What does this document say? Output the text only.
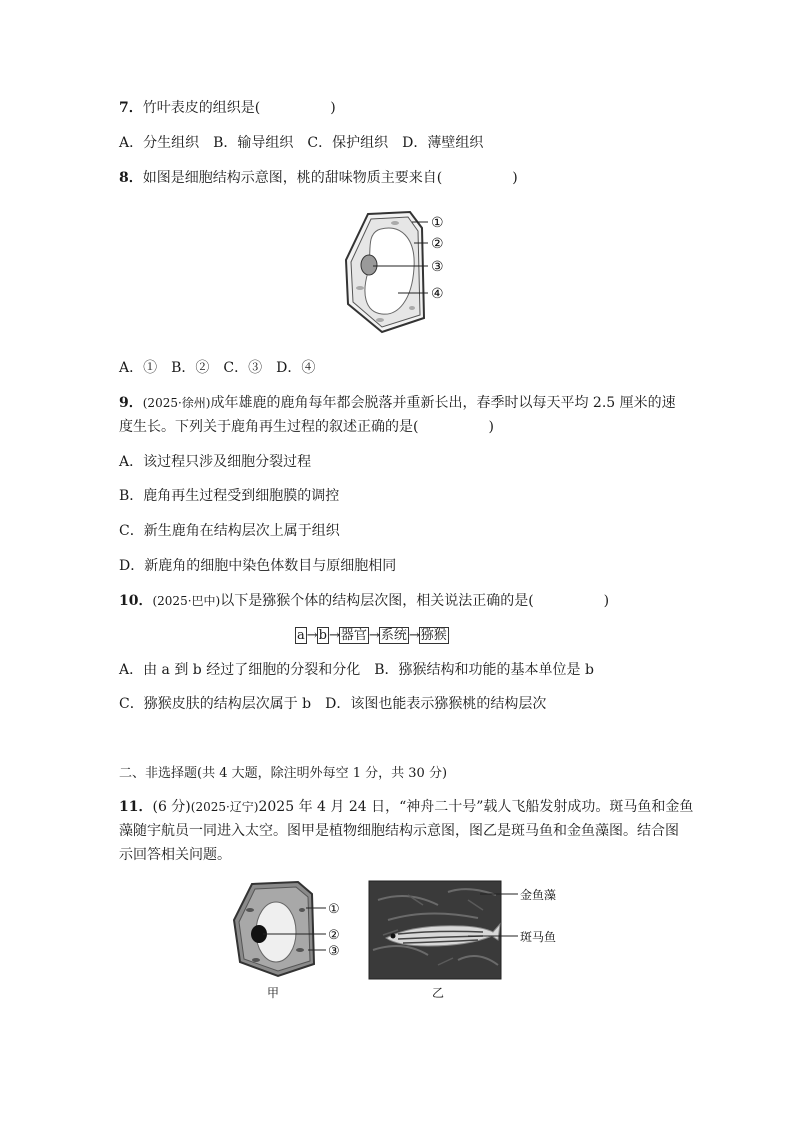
7．竹叶表皮的组织是(　　　　　)
A．分生组织　B．输导组织　C．保护组织　D．薄壁组织
8．如图是细胞结构示意图，桃的甜味物质主要来自(　　　　　)
①
②
③
④
A．①　B．②　C．③　D．④
9．(2025·徐州)成年雄鹿的鹿角每年都会脱落并重新长出，春季时以每天平均 2.5 厘米的速
度生长。下列关于鹿角再生过程的叙述正确的是(　　　　　)
A．该过程只涉及细胞分裂过程
B．鹿角再生过程受到细胞膜的调控
C．新生鹿角在结构层次上属于组织
D．新鹿角的细胞中染色体数目与原细胞相同
10．(2025·巴中)以下是猕猴个体的结构层次图，相关说法正确的是(　　　　　)
a → b → 器官 → 系统 → 猕猴
A．由 a 到 b 经过了细胞的分裂和分化　B．猕猴结构和功能的基本单位是 b
C．猕猴皮肤的结构层次属于 b　D．该图也能表示猕猴桃的结构层次
二、非选择题(共 4 大题，除注明外每空 1 分，共 30 分)
11．(6 分)(2025·辽宁)2025 年 4 月 24 日，“神舟二十号”载人飞船发射成功。斑马鱼和金鱼
藻随宇航员一同进入太空。图甲是植物细胞结构示意图，图乙是斑马鱼和金鱼藻图。结合图
示回答相关问题。
①
②
③
甲
金鱼藻
斑马鱼
乙
